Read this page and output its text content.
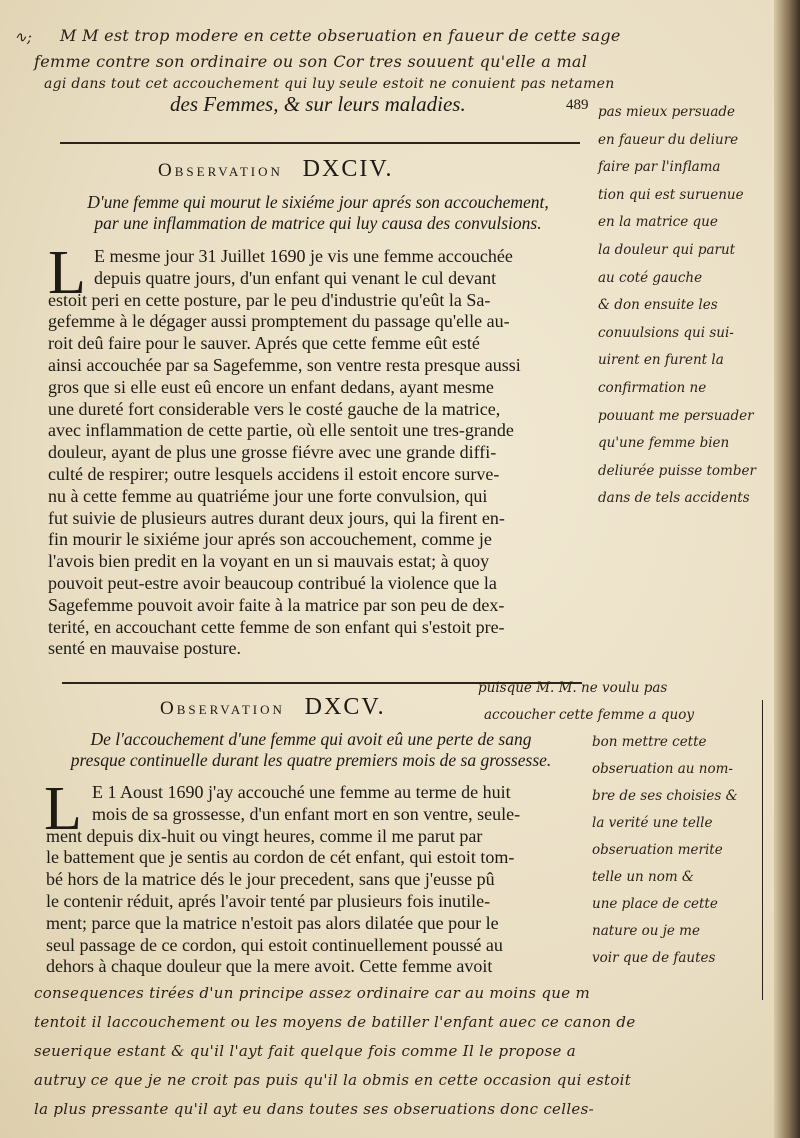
M M est trop modere en cette obseruation en faueur de cette sage
femme contre son ordinaire ou son Cor tres souuent qu'elle a mal
agi dans tout cet accouchement qui luy seule estoit ne conuient pas netamen
∿;
des Femmes, & sur leurs maladies.	489
Observation DXCIV.
D'une femme qui mourut le sixiéme jour aprés son accouchement,
par une inflammation de matrice qui luy causa des convulsions.
L E mesme jour 31 Juillet 1690 je vis une femme accouchée
depuis quatre jours, d'un enfant qui venant le cul devant
estoit peri en cette posture, par le peu d'industrie qu'eût la Sa-
gefemme à le dégager aussi promptement du passage qu'elle au-
roit deû faire pour le sauver. Aprés que cette femme eût esté
ainsi accouchée par sa Sagefemme, son ventre resta presque aussi
gros que si elle eust eû encore un enfant dedans, ayant mesme
une dureté fort considerable vers le costé gauche de la matrice,
avec inflammation de cette partie, où elle sentoit une tres-grande
douleur, ayant de plus une grosse fiévre avec une grande diffi-
culté de respirer; outre lesquels accidens il estoit encore surve-
nu à cette femme au quatriéme jour une forte convulsion, qui
fut suivie de plusieurs autres durant deux jours, qui la firent en-
fin mourir le sixiéme jour aprés son accouchement, comme je
l'avois bien predit en la voyant en un si mauvais estat; à quoy
pouvoit peut-estre avoir beaucoup contribué la violence que la
Sagefemme pouvoit avoir faite à la matrice par son peu de dex-
terité, en accouchant cette femme de son enfant qui s'estoit pre-
senté en mauvaise posture.
pas mieux persuade
en faueur du deliure
faire par l'inflama
tion qui est suruenue
en la matrice que
la douleur qui parut
au coté gauche
& don ensuite les
conuulsions qui sui-
uirent en furent la
confirmation ne
pouuant me persuader
qu'une femme bien
deliurée puisse tomber
dans de tels accidents
Observation DXCV.
De l'accouchement d'une femme qui avoit eû une perte de sang
presque continuelle durant les quatre premiers mois de sa grossesse.
L E 1 Aoust 1690 j'ay accouché une femme au terme de huit
mois de sa grossesse, d'un enfant mort en son ventre, seule-
ment depuis dix-huit ou vingt heures, comme il me parut par
le battement que je sentis au cordon de cét enfant, qui estoit tom-
bé hors de la matrice dés le jour precedent, sans que j'eusse pû
le contenir réduit, aprés l'avoir tenté par plusieurs fois inutile-
ment; parce que la matrice n'estoit pas alors dilatée que pour le
seul passage de ce cordon, qui estoit continuellement poussé au
dehors à chaque douleur que la mere avoit. Cette femme avoit
puisque M. M. ne voulu pas
accoucher cette femme a quoy
bon mettre cette
obseruation au nom-
bre de ses choisies &
la verité une telle
obseruation merite
telle un nom &
une place de cette
nature ou je me
voir que de fautes
consequences tirées d'un principe assez ordinaire car au moins que m
tentoit il laccouchement ou les moyens de batiller l'enfant auec ce canon de
seuerique estant & qu'il l'ayt fait quelque fois comme Il le propose a
autruy ce que je ne croit pas puis qu'il la obmis en cette occasion qui estoit
la plus pressante qu'il ayt eu dans toutes ses obseruations donc celles-
